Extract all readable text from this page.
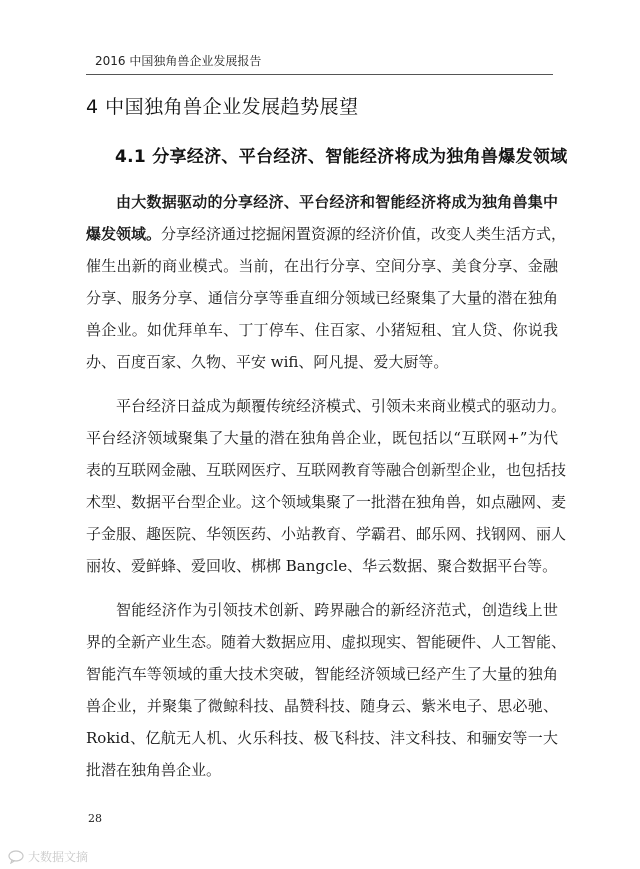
2016 中国独角兽企业发展报告
4 中国独角兽企业发展趋势展望
4.1 分享经济、平台经济、智能经济将成为独角兽爆发领域
由大数据驱动的分享经济、平台经济和智能经济将成为独角兽集中
爆发领域。分享经济通过挖掘闲置资源的经济价值，改变人类生活方式，
催生出新的商业模式。当前，在出行分享、空间分享、美食分享、金融
分享、服务分享、通信分享等垂直细分领域已经聚集了大量的潜在独角
兽企业。如优拜单车、丁丁停车、住百家、小猪短租、宜人贷、你说我
办、百度百家、久物、平安 wifi、阿凡提、爱大厨等。
平台经济日益成为颠覆传统经济模式、引领未来商业模式的驱动力。
平台经济领域聚集了大量的潜在独角兽企业，既包括以“互联网+”为代
表的互联网金融、互联网医疗、互联网教育等融合创新型企业，也包括技
术型、数据平台型企业。这个领域集聚了一批潜在独角兽，如点融网、麦
子金服、趣医院、华领医药、小站教育、学霸君、邮乐网、找钢网、丽人
丽妆、爱鲜蜂、爱回收、梆梆 Bangcle、华云数据、聚合数据平台等。
智能经济作为引领技术创新、跨界融合的新经济范式，创造线上世
界的全新产业生态。随着大数据应用、虚拟现实、智能硬件、人工智能、
智能汽车等领域的重大技术突破，智能经济领域已经产生了大量的独角
兽企业，并聚集了微鲸科技、晶赞科技、随身云、紫米电子、思必驰、
Rokid、亿航无人机、火乐科技、极飞科技、沣文科技、和骊安等一大
批潜在独角兽企业。
28
大数据文摘
